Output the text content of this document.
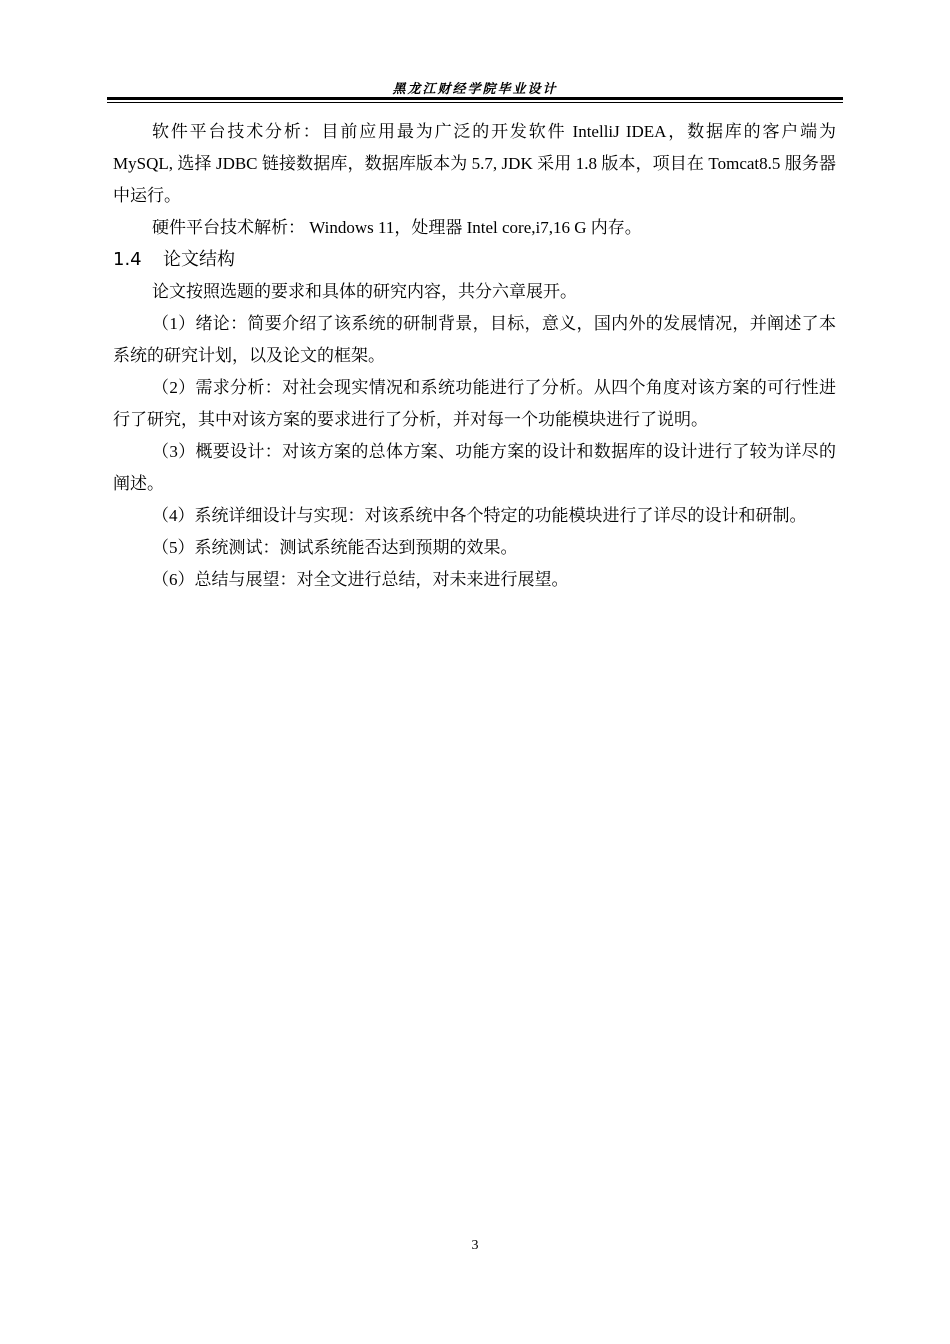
黑龙江财经学院毕业设计

软件平台技术分析：目前应用最为广泛的开发软件 IntelliJ IDEA，数据库的客户端为 MySQL, 选择 JDBC 链接数据库，数据库版本为 5.7, JDK 采用 1.8 版本，项目在 Tomcat8.5 服务器中运行。

硬件平台技术解析： Windows 11，处理器 Intel core,i7,16 G 内存。

1.4 论文结构

论文按照选题的要求和具体的研究内容，共分六章展开。

（1）绪论：简要介绍了该系统的研制背景，目标，意义，国内外的发展情况，并阐述了本系统的研究计划，以及论文的框架。

（2）需求分析：对社会现实情况和系统功能进行了分析。从四个角度对该方案的可行性进行了研究，其中对该方案的要求进行了分析，并对每一个功能模块进行了说明。

（3）概要设计：对该方案的总体方案、功能方案的设计和数据库的设计进行了较为详尽的阐述。

（4）系统详细设计与实现：对该系统中各个特定的功能模块进行了详尽的设计和研制。

（5）系统测试：测试系统能否达到预期的效果。

（6）总结与展望：对全文进行总结，对未来进行展望。

3
